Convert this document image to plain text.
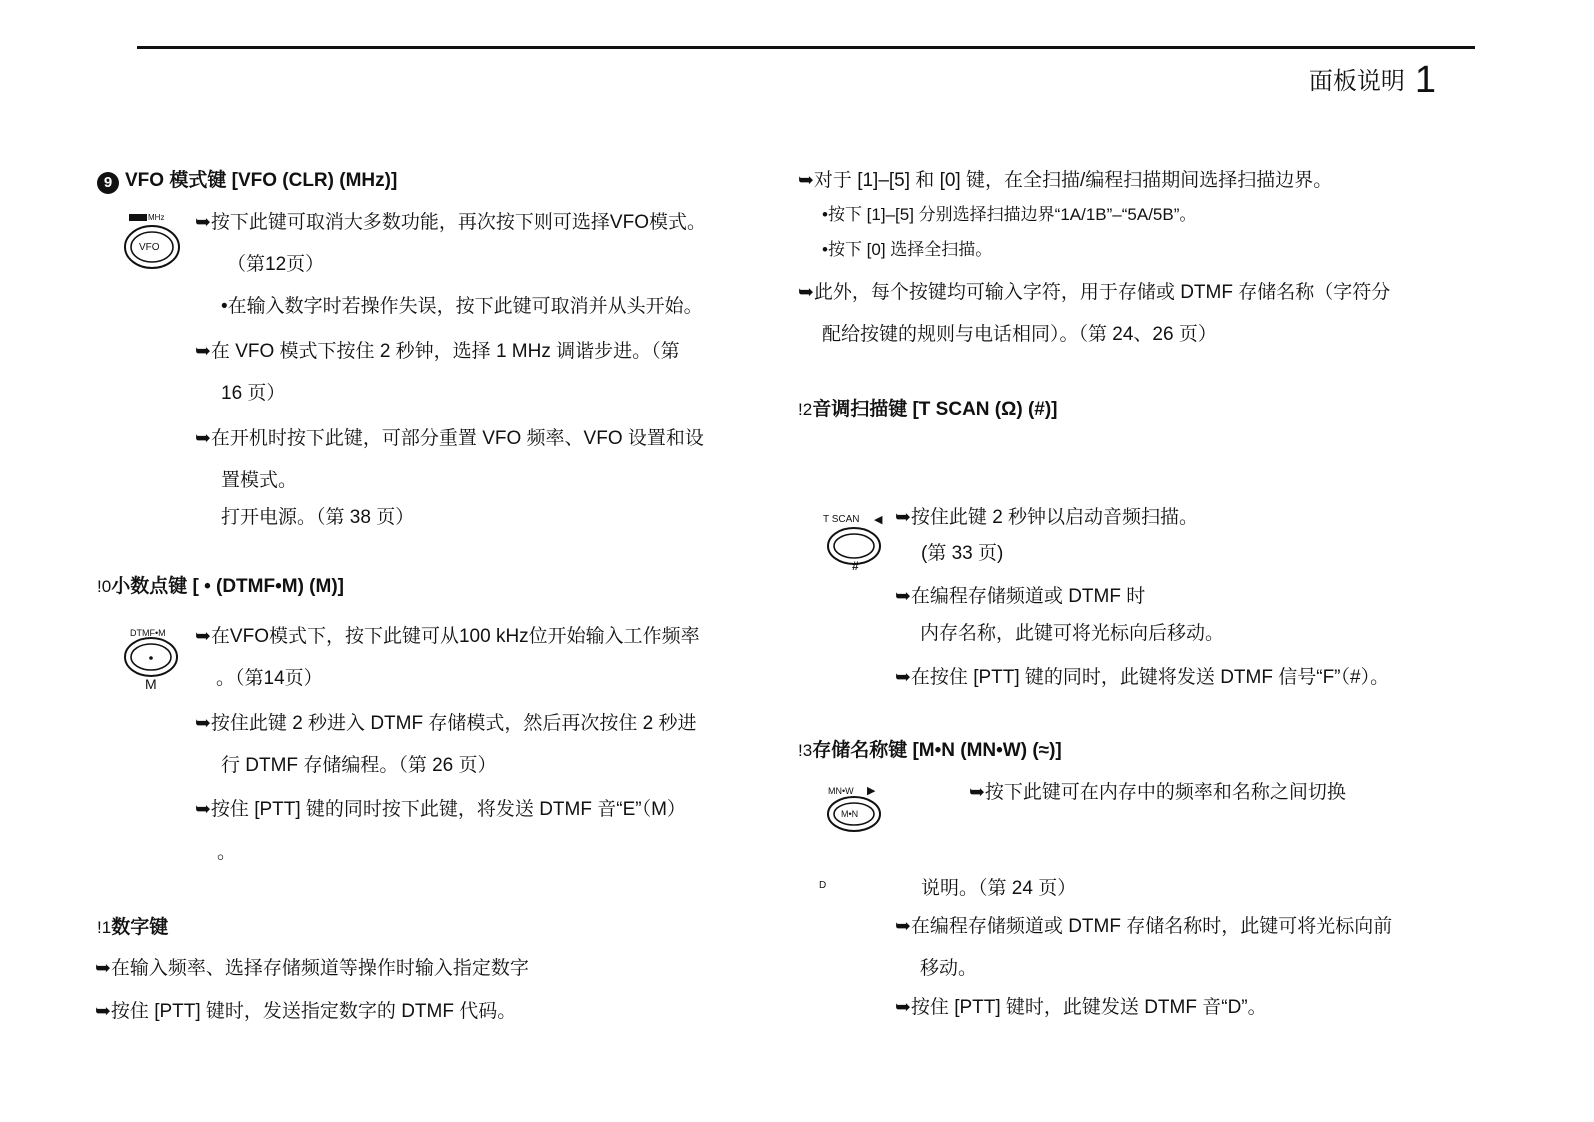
面板说明 1
9 VFO 模式键 [VFO (CLR) (MHz)]
MHz
VFO
➥按下此键可取消大多数功能，再次按下则可选择VFO模式。
（第12页）
•在输入数字时若操作失误，按下此键可取消并从头开始。
➥在 VFO 模式下按住 2 秒钟，选择 1 MHz 调谐步进。（第
16 页）
➥在开机时按下此键，可部分重置 VFO 频率、VFO 设置和设
置模式。
打开电源。（第 38 页）
!0小数点键 [ • (DTMF•M) (M)]
DTMF•M
M
➥在VFO模式下，按下此键可从100 kHz位开始输入工作频率
。（第14页）
➥按住此键 2 秒进入 DTMF 存储模式，然后再次按住 2 秒进
行 DTMF 存储编程。（第 26 页）
➥按住 [PTT] 键的同时按下此键，将发送 DTMF 音“E”（M）
。
!1数字键
➥在输入频率、选择存储频道等操作时输入指定数字
➥按住 [PTT] 键时，发送指定数字的 DTMF 代码。
➥对于 [1]–[5] 和 [0] 键，在全扫描/编程扫描期间选择扫描边界。
•按下 [1]–[5] 分别选择扫描边界“1A/1B”–“5A/5B”。
•按下 [0] 选择全扫描。
➥此外，每个按键均可输入字符，用于存储或 DTMF 存储名称（字符分
配给按键的规则与电话相同）。（第 24、26 页）
!2音调扫描键 [T SCAN (Ω) (#)]
T SCAN ◀
#
➥按住此键 2 秒钟以启动音频扫描。
(第 33 页)
➥在编程存储频道或 DTMF 时
内存名称，此键可将光标向后移动。
➥在按住 [PTT] 键的同时，此键将发送 DTMF 信号“F”（#）。
!3存储名称键 [M•N (MN•W) (≈)]
MN•W ▶
M•N
D
➥按下此键可在内存中的频率和名称之间切换
说明。（第 24 页）
➥在编程存储频道或 DTMF 存储名称时，此键可将光标向前
移动。
➥按住 [PTT] 键时，此键发送 DTMF 音“D”。
